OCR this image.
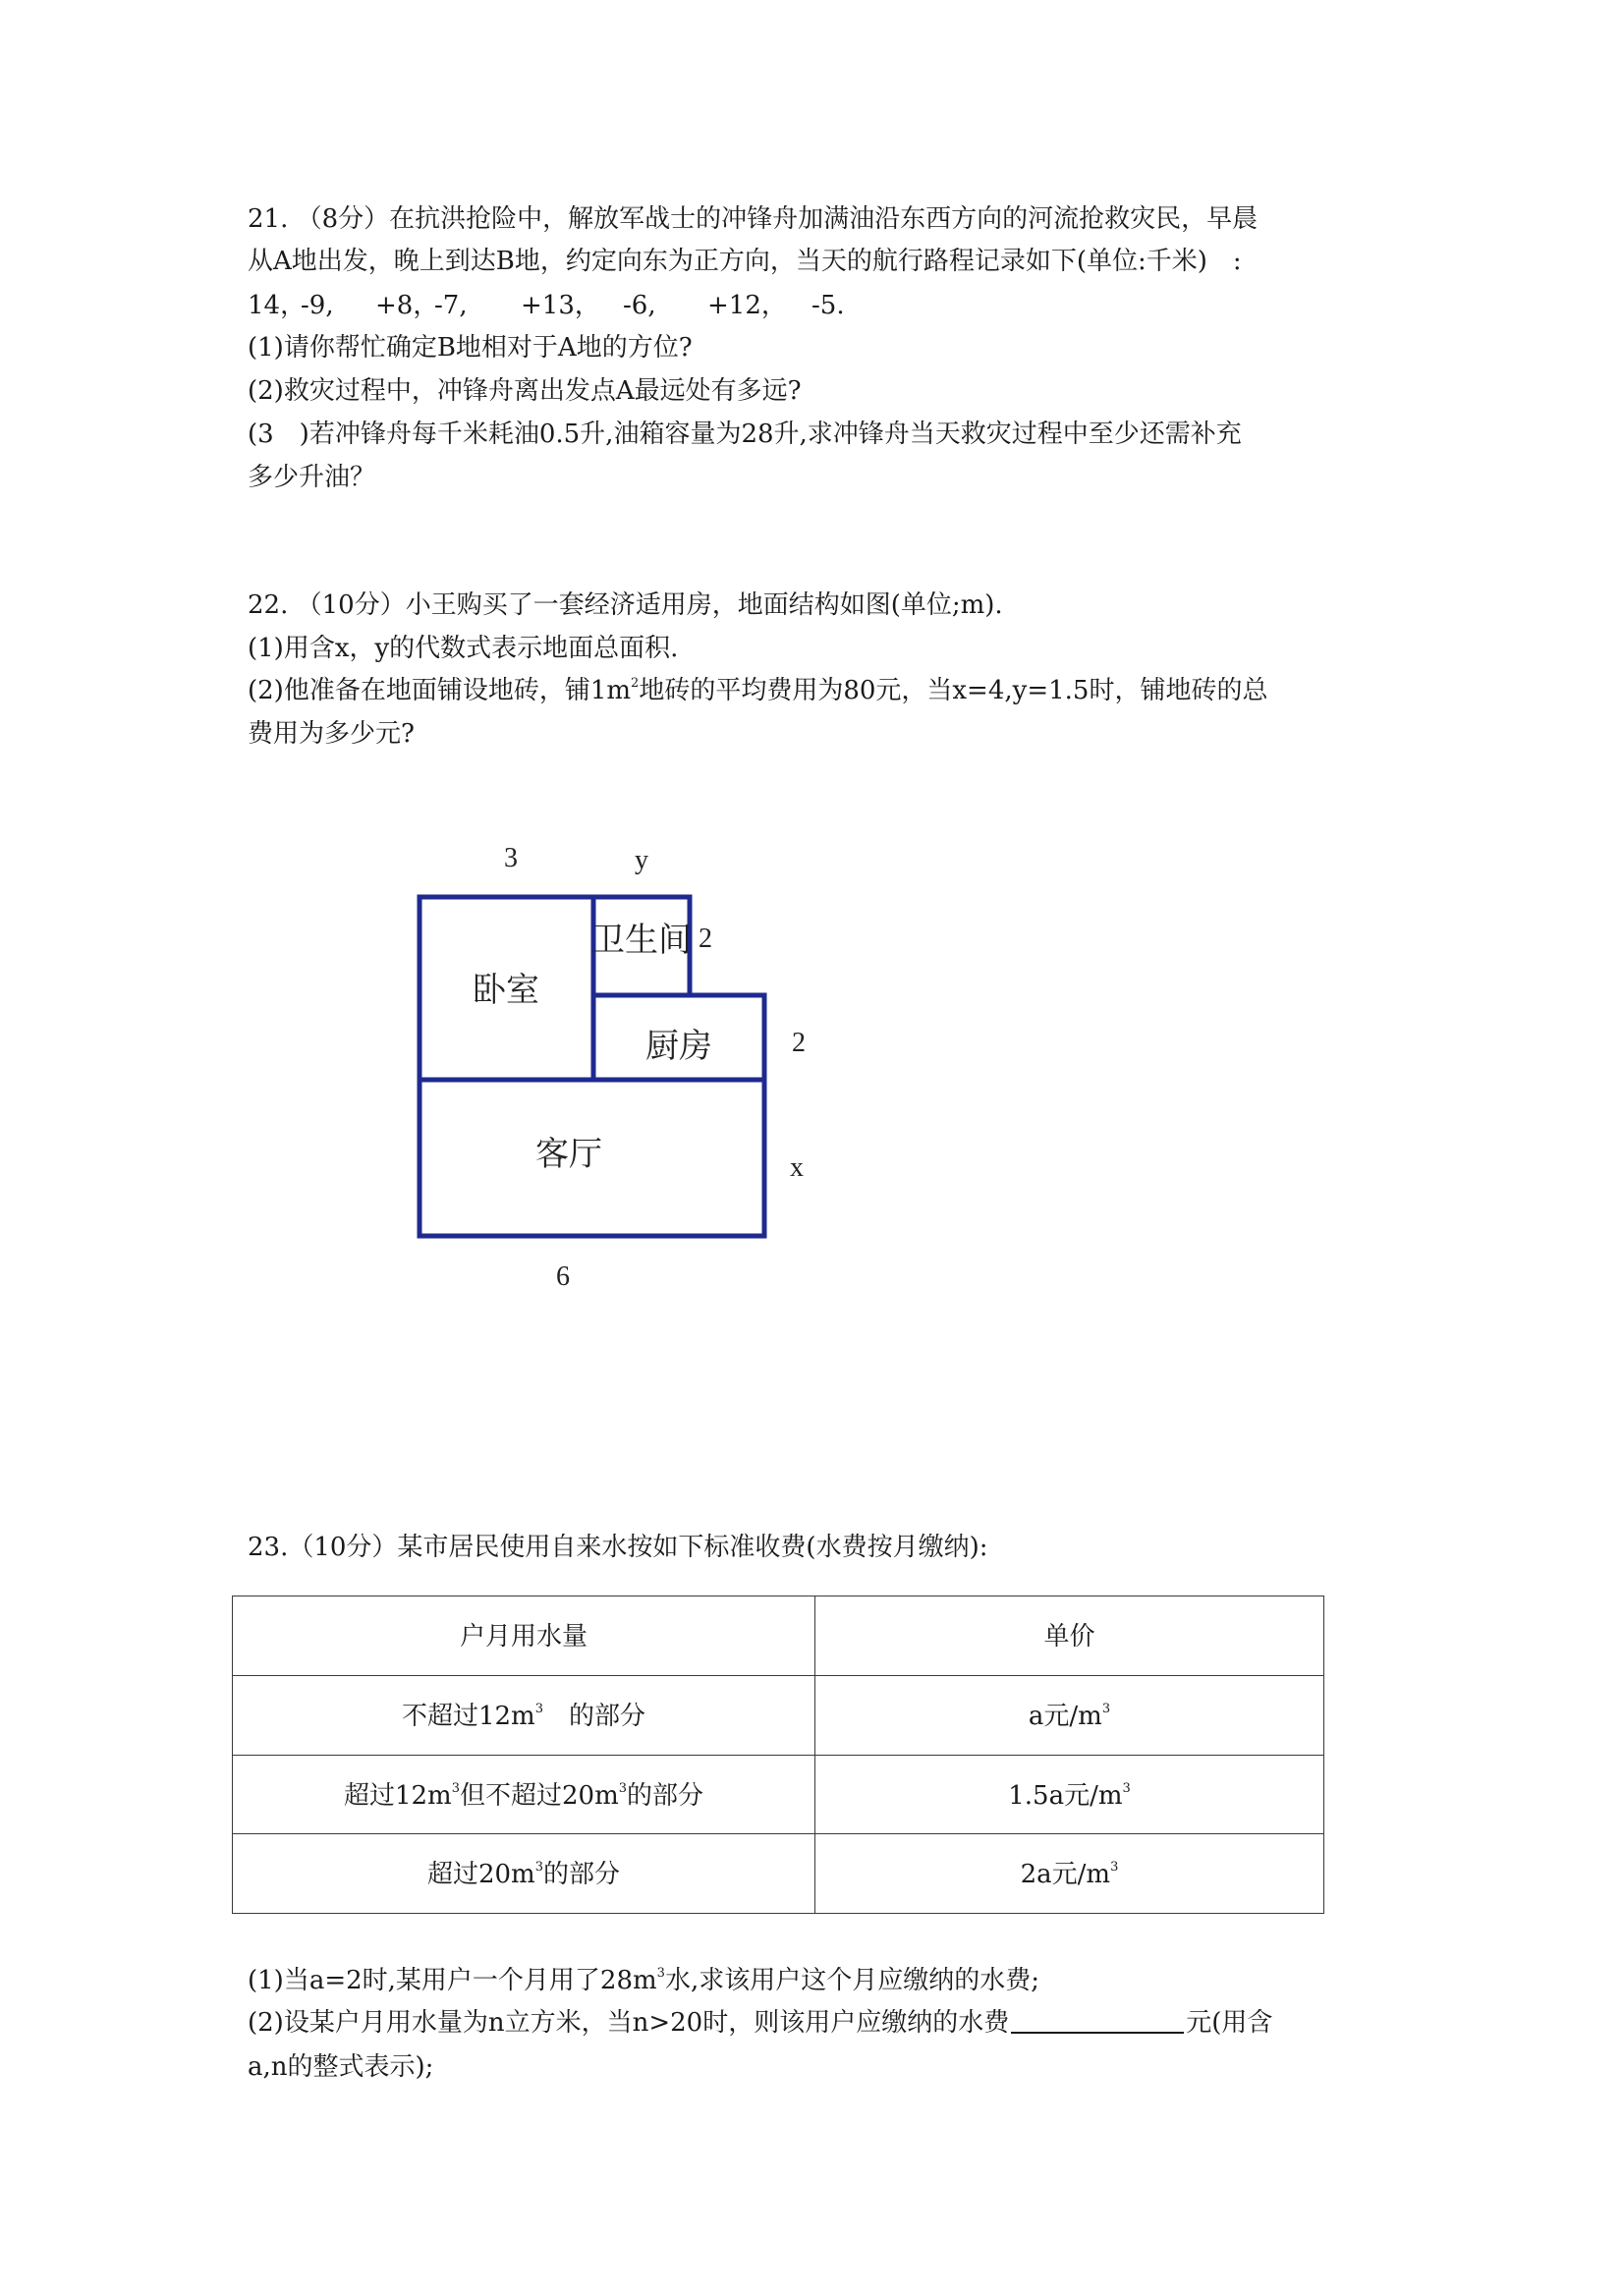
21. （8分）在抗洪抢险中，解放军战士的冲锋舟加满油沿东西方向的河流抢救灾民，早晨
从A地出发，晚上到达B地，约定向东为正方向，当天的航行路程记录如下(单位:千米)　:
14，
-9, +8，
-7, +13， -6, +12， -5.
(1)请你帮忙确定B地相对于A地的方位?
(2)救灾过程中，冲锋舟离出发点A最远处有多远?
(3　)若冲锋舟每千米耗油0.5升,油箱容量为28升,求冲锋舟当天救灾过程中至少还需补充
多少升油？
22. （10分）小王购买了一套经济适用房，地面结构如图(单位;m).
(1)用含x，y的代数式表示地面总面积.
(2)他准备在地面铺设地砖，铺$1m^2$地砖的平均费用为80元，当x=4,y=1.5时，铺地砖的总
费用为多少元?
卧室
卫生间
厨房
客厅
3	y
2
2
x
6
23.（10分）某市居民使用自来水按如下标准收费(水费按月缴纳):
户月用水量	单价
不超过$12m^3$　的部分	a元$/m^3$
超过$12m^3$但不超过$20m^3$的部分	1.5a元$/m^3$
超过$20m^3$的部分	2a元$/m^3$
(1)当a=2时,某用户一个月用了$28m^3$水,求该用户这个月应缴纳的水费;
(2)设某户月用水量为n立方米，当n>20时，则该用户应缴纳的水费	元(用含
a,n的整式表示);
